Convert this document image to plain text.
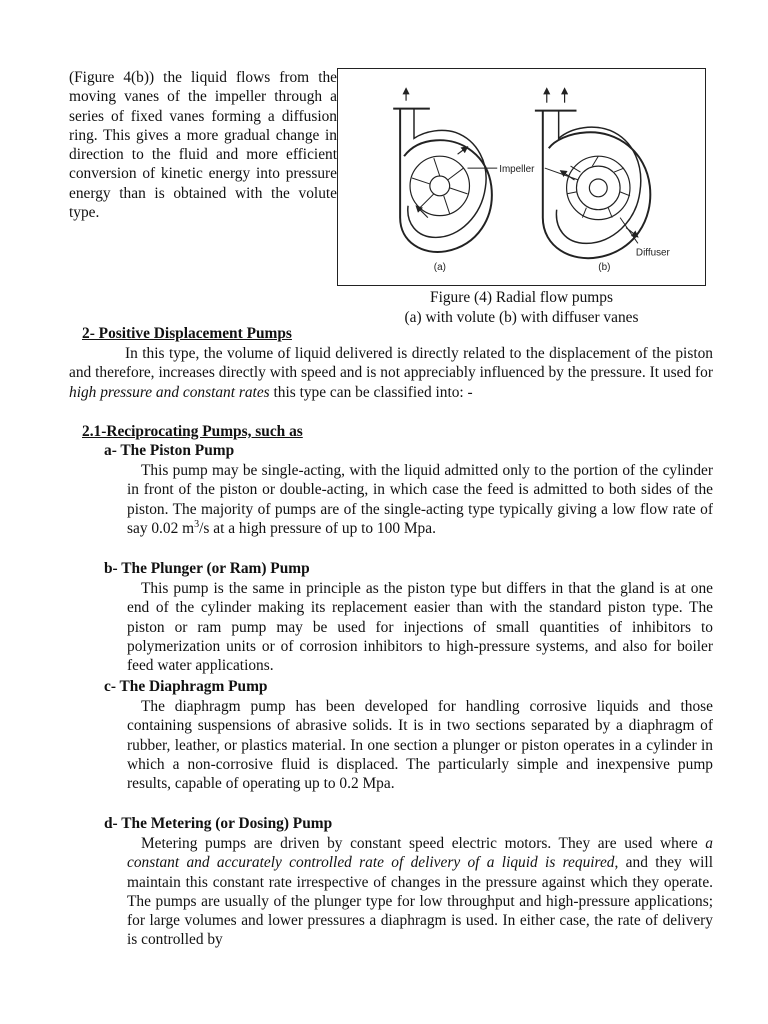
(Figure 4(b)) the liquid flows from the moving vanes of the impeller through a series of fixed vanes forming a diffusion ring. This gives a more gradual change in direction to the fluid and more efficient conversion of kinetic energy into pressure energy than is obtained with the volute type.
Impeller
Diffuser
(a)	(b)
Figure (4) Radial flow pumps
(a) with volute (b) with diffuser vanes
2- Positive Displacement Pumps
In this type, the volume of liquid delivered is directly related to the displacement of the piston and therefore, increases directly with speed and is not appreciably influenced by the pressure. It used for high pressure and constant rates this type can be classified into: -
2.1-Reciprocating Pumps, such as
a- The Piston Pump
This pump may be single-acting, with the liquid admitted only to the portion of the cylinder in front of the piston or double-acting, in which case the feed is admitted to both sides of the piston. The majority of pumps are of the single-acting type typically giving a low flow rate of say 0.02 $m^3/s$ at a high pressure of up to 100 Mpa.
b- The Plunger (or Ram) Pump
This pump is the same in principle as the piston type but differs in that the gland is at one end of the cylinder making its replacement easier than with the standard piston type. The piston or ram pump may be used for injections of small quantities of inhibitors to polymerization units or of corrosion inhibitors to high-pressure systems, and also for boiler feed water applications.
c- The Diaphragm Pump
The diaphragm pump has been developed for handling corrosive liquids and those containing suspensions of abrasive solids. It is in two sections separated by a diaphragm of rubber, leather, or plastics material. In one section a plunger or piston operates in a cylinder in which a non-corrosive fluid is displaced. The particularly simple and inexpensive pump results, capable of operating up to 0.2 Mpa.
d- The Metering (or Dosing) Pump
Metering pumps are driven by constant speed electric motors. They are used where a constant and accurately controlled rate of delivery of a liquid is required, and they will maintain this constant rate irrespective of changes in the pressure against which they operate. The pumps are usually of the plunger type for low throughput and high-pressure applications; for large volumes and lower pressures a diaphragm is used. In either case, the rate of delivery is controlled by
